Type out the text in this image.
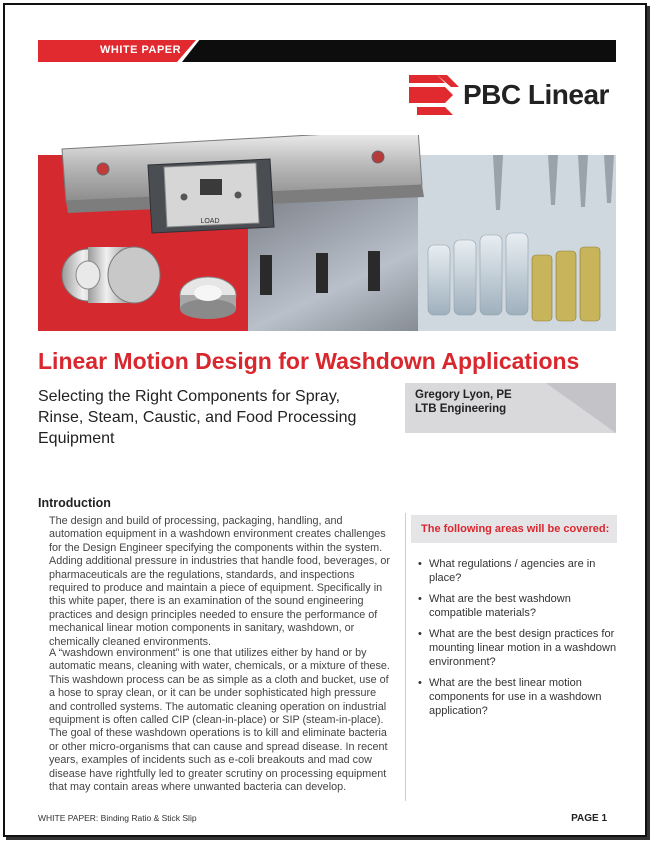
WHITE PAPER
PBC Linear
LOAD
Linear Motion Design for Washdown Applications
Selecting the Right Components for Spray, Rinse, Steam, Caustic, and Food Processing Equipment
Gregory Lyon, PE
LTB Engineering
Introduction
The design and build of processing, packaging, handling, and automation equipment in a washdown environment creates challenges for the Design Engineer specifying the components within the system. Adding additional pressure in industries that handle food, beverages, or pharmaceuticals are the regulations, standards, and inspections required to produce and maintain a piece of equipment. Specifically in this white paper, there is an examination of the sound engineering practices and design principles needed to ensure the performance of mechanical linear motion components in sanitary, washdown, or chemically cleaned environments.
A “washdown environment” is one that utilizes either by hand or by automatic means, cleaning with water, chemicals, or a mixture of these. This washdown process can be as simple as a cloth and bucket, use of a hose to spray clean, or it can be under sophisticated high pressure and controlled systems. The automatic cleaning operation on industrial equipment is often called CIP (clean-in-place) or SIP (steam-in-place). The goal of these washdown operations is to kill and eliminate bacteria or other micro-organisms that can cause and spread disease. In recent years, examples of incidents such as e-coli breakouts and mad cow disease have rightfully led to greater scrutiny on processing equipment that may contain areas where unwanted bacteria can develop.
The following areas will be covered:
• What regulations / agencies are in place?
• What are the best washdown compatible materials?
• What are the best design practices for mounting linear motion in a washdown environment?
• What are the best linear motion components for use in a washdown application?
WHITE PAPER: Binding Ratio & Stick Slip	PAGE 1
